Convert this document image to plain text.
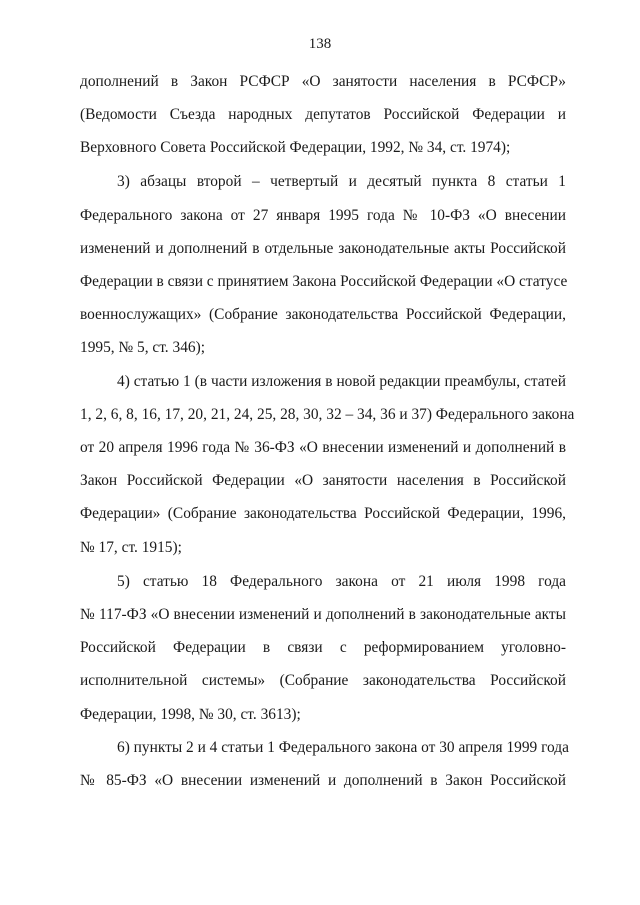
138
дополнений в Закон РСФСР «О занятости населения в РСФСР»
(Ведомости Съезда народных депутатов Российской Федерации и
Верховного Совета Российской Федерации, 1992, № 34, ст. 1974);
3) абзацы второй – четвертый и десятый пункта 8 статьи 1
Федерального закона от 27 января 1995 года № 10-ФЗ «О внесении
изменений и дополнений в отдельные законодательные акты Российской
Федерации в связи с принятием Закона Российской Федерации «О статусе
военнослужащих» (Собрание законодательства Российской Федерации,
1995, № 5, ст. 346);
4) статью 1 (в части изложения в новой редакции преамбулы, статей
1, 2, 6, 8, 16, 17, 20, 21, 24, 25, 28, 30, 32 – 34, 36 и 37) Федерального закона
от 20 апреля 1996 года № 36-ФЗ «О внесении изменений и дополнений в
Закон Российской Федерации «О занятости населения в Российской
Федерации» (Собрание законодательства Российской Федерации, 1996,
№ 17, ст. 1915);
5) статью 18 Федерального закона от 21 июля 1998 года
№ 117-ФЗ «О внесении изменений и дополнений в законодательные акты
Российской Федерации в связи с реформированием уголовно-
исполнительной системы» (Собрание законодательства Российской
Федерации, 1998, № 30, ст. 3613);
6) пункты 2 и 4 статьи 1 Федерального закона от 30 апреля 1999 года
№ 85-ФЗ «О внесении изменений и дополнений в Закон Российской
